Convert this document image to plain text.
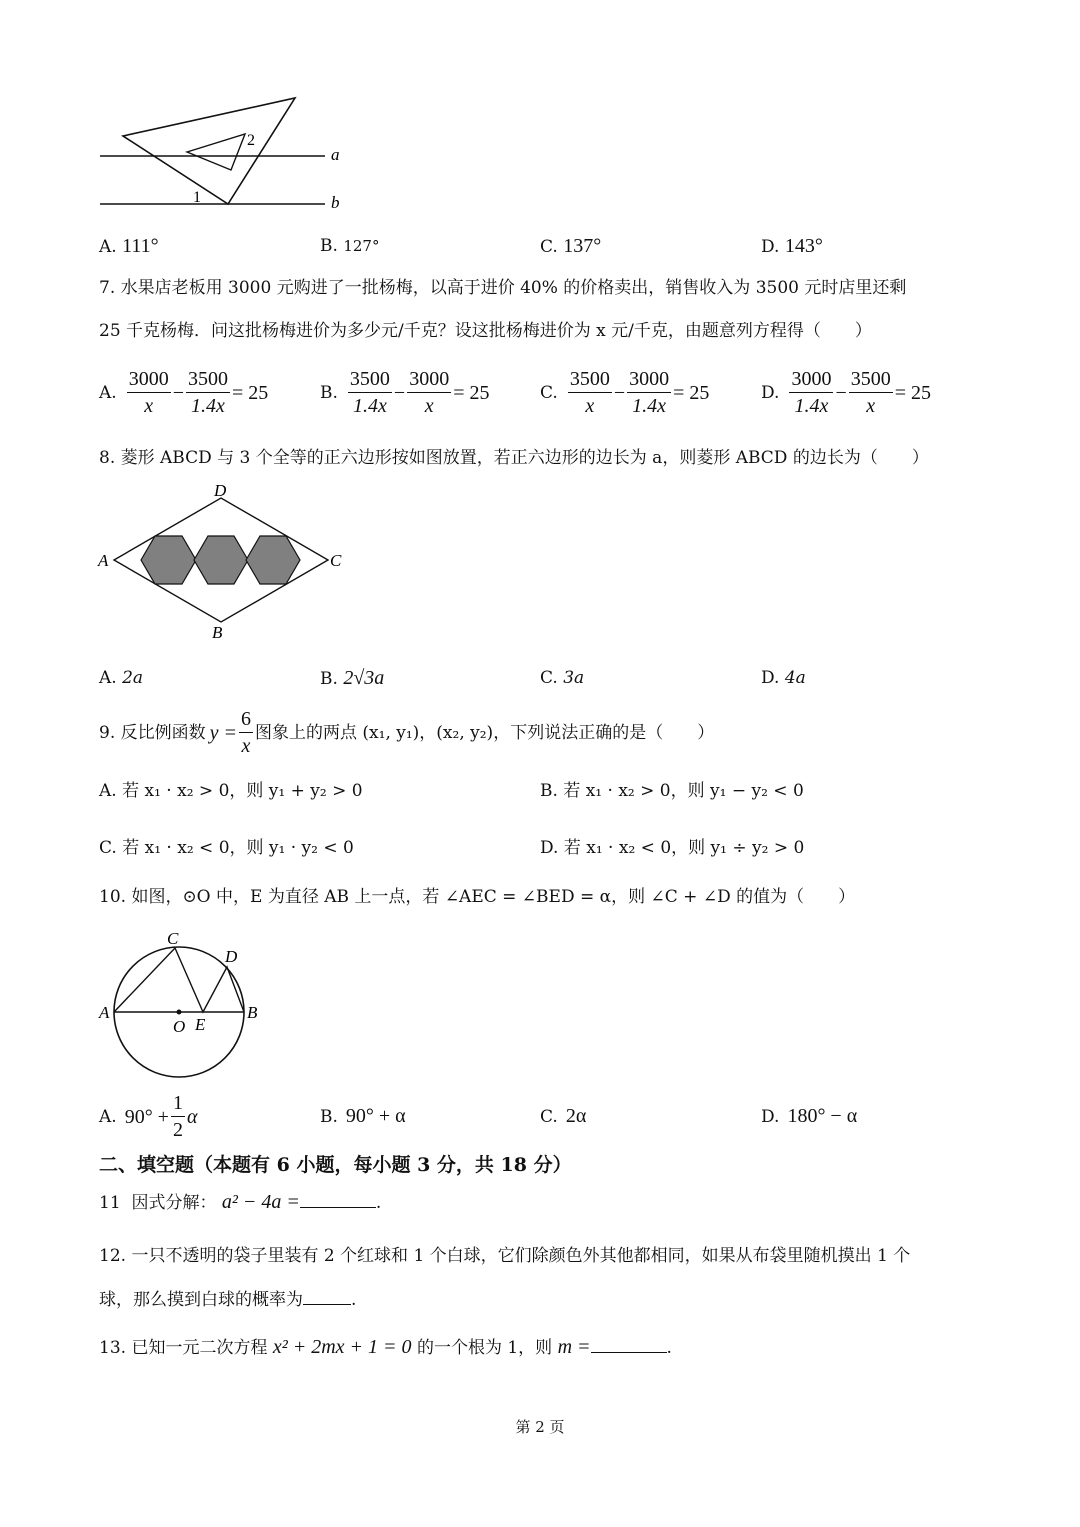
a
b
1
2
A. 111°	B. 127°	C. 137°	D. 143°
7. 水果店老板用 3000 元购进了一批杨梅，以高于进价 40% 的价格卖出，销售收入为 3500 元时店里还剩
25 千克杨梅．问这批杨梅进价为多少元/千克？设这批杨梅进价为 x 元/千克，由题意列方程得（　　）
A. $\frac{3000}{x} - \frac{3500}{1.4x} = 25$	B. $\frac{3500}{1.4x} - \frac{3000}{x} = 25$	C. $\frac{3500}{x} - \frac{3000}{1.4x} = 25$	D. $\frac{3000}{1.4x} - \frac{3500}{x} = 25$
8. 菱形 ABCD 与 3 个全等的正六边形按如图放置，若正六边形的边长为 a，则菱形 ABCD 的边长为（　　）
D
A	C
B
A. 2a	B. 2√3a	C. 3a	D. 4a
9. 反比例函数 $y = \frac{6}{x}$ 图象上的两点 (x₁, y₁)，(x₂, y₂)，下列说法正确的是（　　）
A. 若 x₁ · x₂ > 0，则 y₁ + y₂ > 0	B. 若 x₁ · x₂ > 0，则 y₁ − y₂ < 0
C. 若 x₁ · x₂ < 0，则 y₁ · y₂ < 0	D. 若 x₁ · x₂ < 0，则 y₁ ÷ y₂ > 0
10. 如图，⊙O 中，E 为直径 AB 上一点，若 ∠AEC = ∠BED = α，则 ∠C + ∠D 的值为（　　）
C
D
A	B
O E
A. $90^\circ + \frac{1}{2}$ α	B. 90° + α	C. 2α	D. 180° − α
二、填空题（本题有 6 小题，每小题 3 分，共 18 分）
11 因式分解： a² − 4a =	.
12. 一只不透明的袋子里装有 2 个红球和 1 个白球，它们除颜色外其他都相同，如果从布袋里随机摸出 1 个
球，那么摸到白球的概率为	.
13. 已知一元二次方程 x² + 2mx + 1 = 0 的一个根为 1，则 m =	.
第 2 页
